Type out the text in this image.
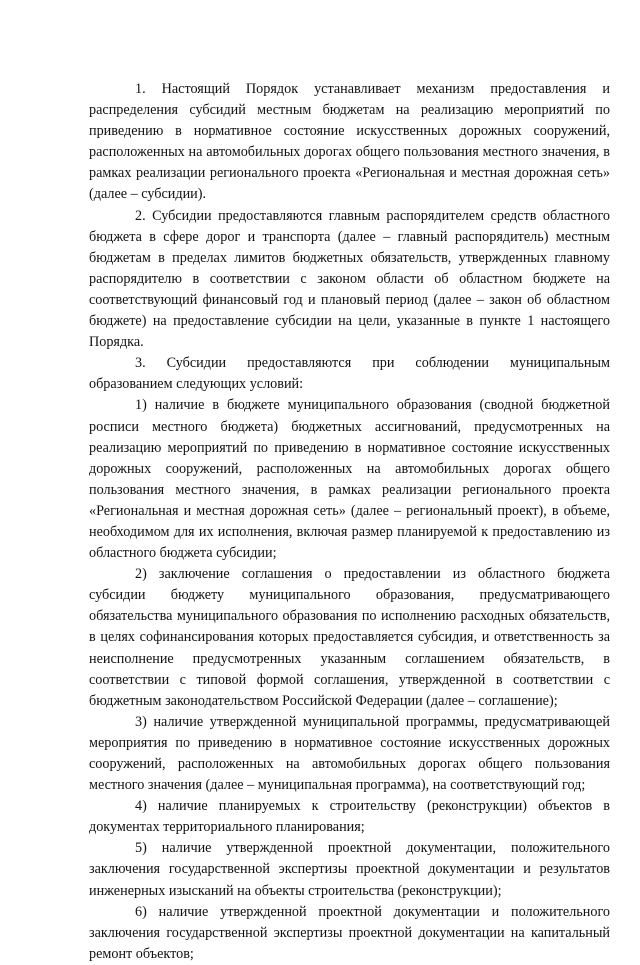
1. Настоящий Порядок устанавливает механизм предоставления и распределения субсидий местным бюджетам на реализацию мероприятий по приведению в нормативное состояние искусственных дорожных сооружений, расположенных на автомобильных дорогах общего пользования местного значения, в рамках реализации регионального проекта «Региональная и местная дорожная сеть» (далее – субсидии).

2. Субсидии предоставляются главным распорядителем средств областного бюджета в сфере дорог и транспорта (далее – главный распорядитель) местным бюджетам в пределах лимитов бюджетных обязательств, утвержденных главному распорядителю в соответствии с законом области об областном бюджете на соответствующий финансовый год и плановый период (далее – закон об областном бюджете) на предоставление субсидии на цели, указанные в пункте 1 настоящего Порядка.

3. Субсидии предоставляются при соблюдении муниципальным образованием следующих условий:

1) наличие в бюджете муниципального образования (сводной бюджетной росписи местного бюджета) бюджетных ассигнований, предусмотренных на реализацию мероприятий по приведению в нормативное состояние искусственных дорожных сооружений, расположенных на автомобильных дорогах общего пользования местного значения, в рамках реализации регионального проекта «Региональная и местная дорожная сеть» (далее – региональный проект), в объеме, необходимом для их исполнения, включая размер планируемой к предоставлению из областного бюджета субсидии;

2) заключение соглашения о предоставлении из областного бюджета субсидии бюджету муниципального образования, предусматривающего обязательства муниципального образования по исполнению расходных обязательств, в целях софинансирования которых предоставляется субсидия, и ответственность за неисполнение предусмотренных указанным соглашением обязательств, в соответствии с типовой формой соглашения, утвержденной в соответствии с бюджетным законодательством Российской Федерации (далее – соглашение);

3) наличие утвержденной муниципальной программы, предусматривающей мероприятия по приведению в нормативное состояние искусственных дорожных сооружений, расположенных на автомобильных дорогах общего пользования местного значения (далее – муниципальная программа), на соответствующий год;

4) наличие планируемых к строительству (реконструкции) объектов в документах территориального планирования;

5) наличие утвержденной проектной документации, положительного заключения государственной экспертизы проектной документации и результатов инженерных изысканий на объекты строительства (реконструкции);

6) наличие утвержденной проектной документации и положительного заключения государственной экспертизы проектной документации на капитальный ремонт объектов;
